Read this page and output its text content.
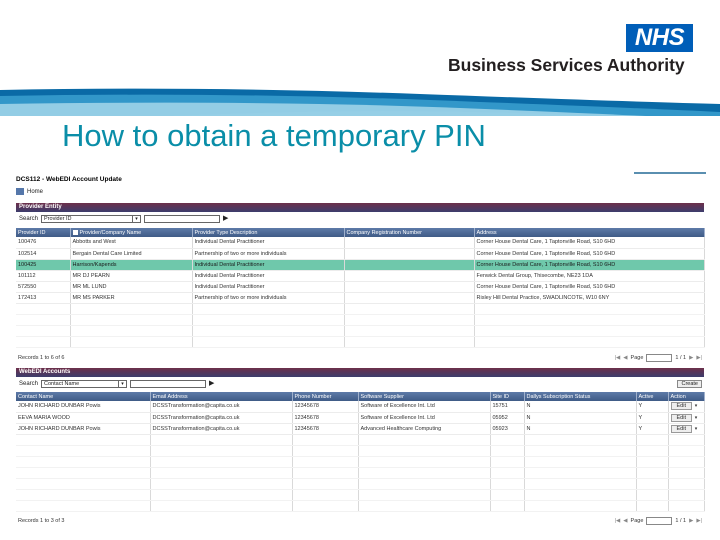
NHS
Business Services Authority
How to obtain a temporary PIN
DCS112 - WebEDI Account Update
Home
Provider Entity
Search Provider ID	▾	▶
Provider ID	Provider/Company Name	Provider Type Description	Company Registration Number	Address
100476	Abbotts and West	Individual Dental Practitioner		Corner House Dental Care, 1 Taptonville Road, S10 6HD
102514	Bergain Dental Care Limited	Partnership of two or more individuals		Corner House Dental Care, 1 Taptonville Road, S10 6HD
100425	Harrison/Kapends	Individual Dental Practitioner		Corner House Dental Care, 1 Taptonville Road, S10 6HD
101112	MR DJ PEARN	Individual Dental Practitioner		Fenwick Dental Group, Thisecombe, NE23 1DA
572550	MR ML LUND	Individual Dental Practitioner		Corner House Dental Care, 1 Taptonville Road, S10 6HD
172413	MR MS PARKER	Partnership of two or more individuals		Risley Hill Dental Practice, SWADLINCOTE, W10 6NY

Records 1 to 6 of 6	|◀ ◀ Page	1 / 1 ▶ ▶|
WebEDI Accounts
Search Contact Name	▾	▶	Create
Contact Name	Email Address	Phone Number	Software Supplier	Site ID	Dallys Subscription Status	Active	Action
JOHN RICHARD DUNBAR Powis	DCSSTransformation@capita.co.uk	12345678	Software of Excellence Int. Ltd	15751	N	Y	Edit ▾
EEVA MARIA WOOD	DCSSTransformation@capita.co.uk	12345678	Software of Excellence Int. Ltd	05952	N	Y	Edit ▾
JOHN RICHARD DUNBAR Powis	DCSSTransformation@capita.co.uk	12345678	Advanced Healthcare Computing	05923	N	Y	Edit ▾

Records 1 to 3 of 3	|◀ ◀ Page	1 / 1 ▶ ▶|
